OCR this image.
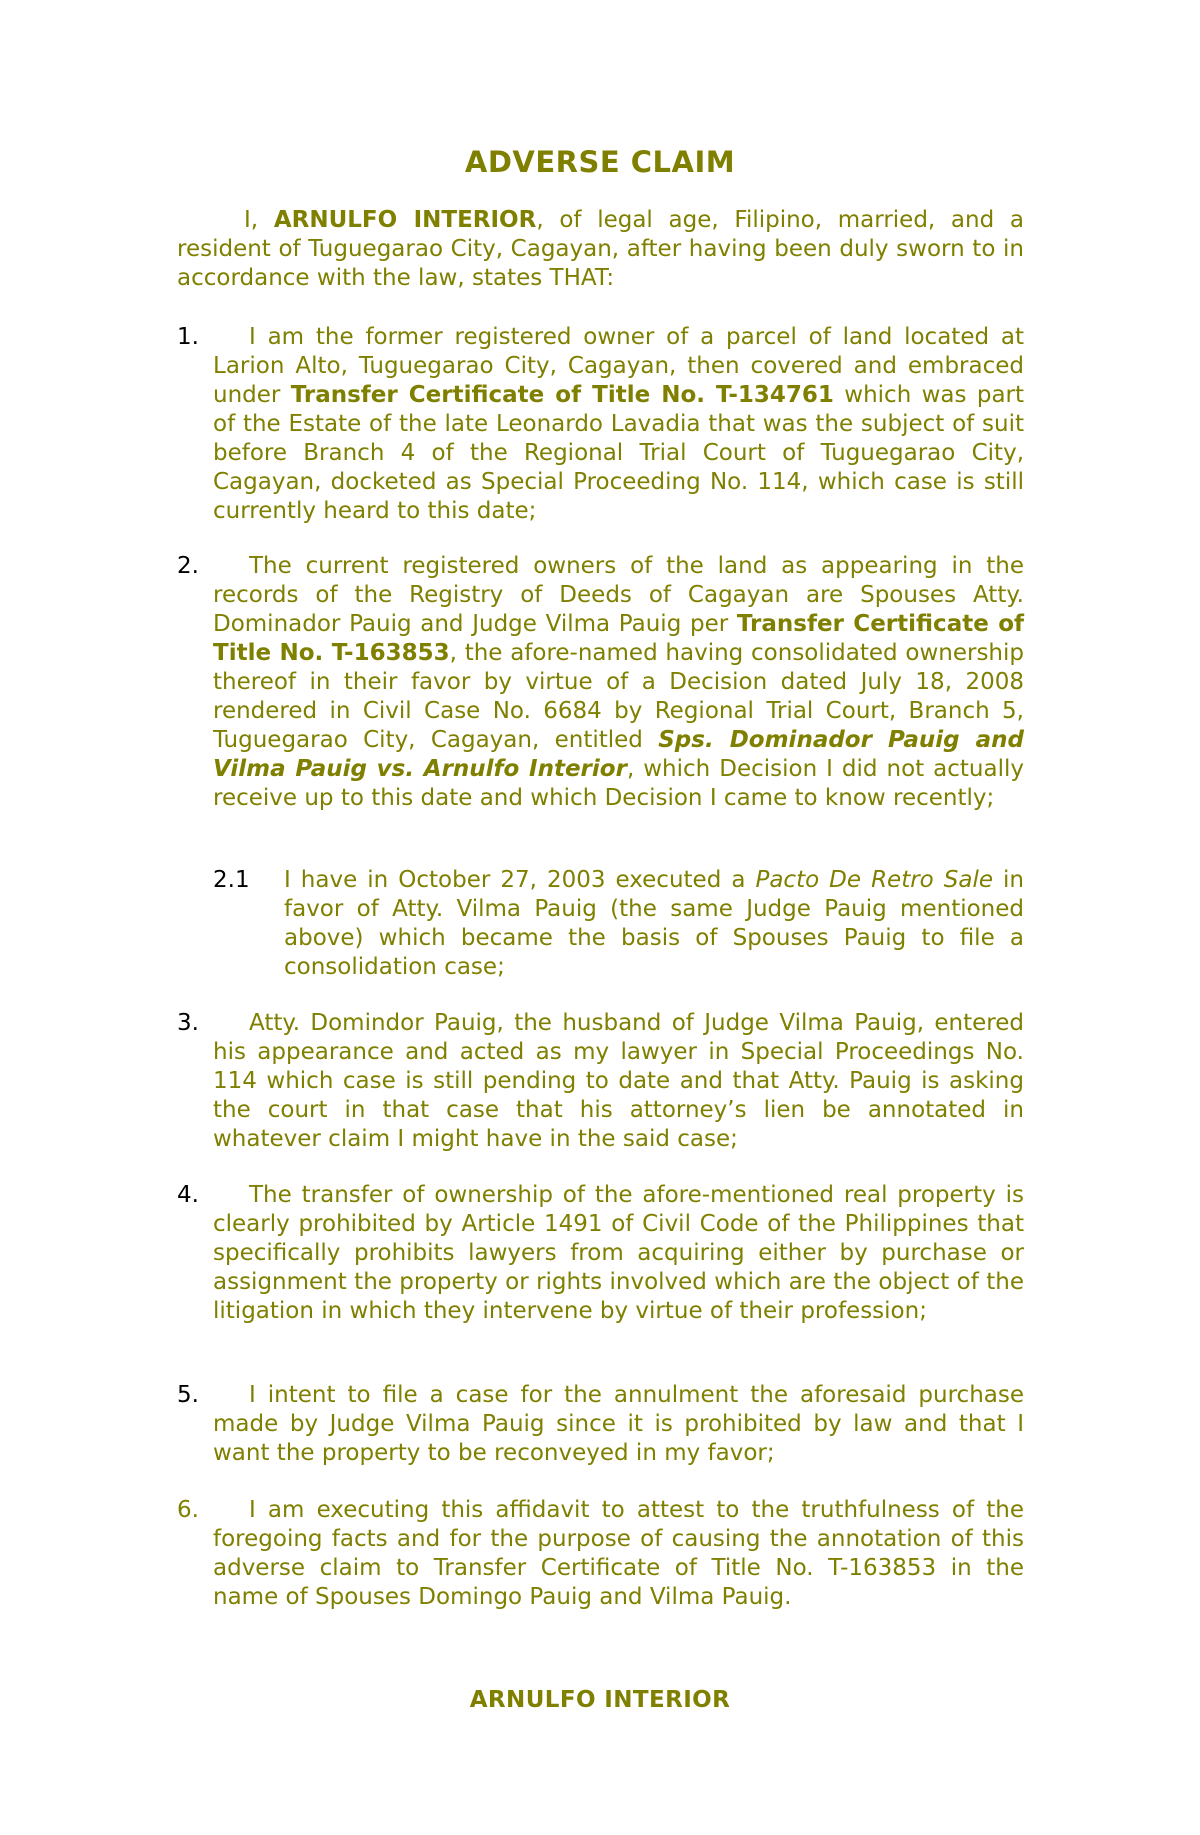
ADVERSE CLAIM
I, ARNULFO INTERIOR, of legal age, Filipino, married, and a resident of Tuguegarao City, Cagayan, after having been duly sworn to in accordance with the law, states THAT:
1.	I am the former registered owner of a parcel of land located at Larion Alto, Tuguegarao City, Cagayan, then covered and embraced under Transfer Certificate of Title No. T-134761 which was part of the Estate of the late Leonardo Lavadia that was the subject of suit before Branch 4 of the Regional Trial Court of Tuguegarao City, Cagayan, docketed as Special Proceeding No. 114, which case is still currently heard to this date;
2.	The current registered owners of the land as appearing in the records of the Registry of Deeds of Cagayan are Spouses Atty. Dominador Pauig and Judge Vilma Pauig per Transfer Certificate of Title No. T-163853, the afore-named having consolidated ownership thereof in their favor by virtue of a Decision dated July 18, 2008 rendered in Civil Case No. 6684 by Regional Trial Court, Branch 5, Tuguegarao City, Cagayan, entitled Sps. Dominador Pauig and Vilma Pauig vs. Arnulfo Interior, which Decision I did not actually receive up to this date and which Decision I came to know recently;
2.1 I have in October 27, 2003 executed a Pacto De Retro Sale in favor of Atty. Vilma Pauig (the same Judge Pauig mentioned above) which became the basis of Spouses Pauig to file a consolidation case;
3.	Atty. Domindor Pauig, the husband of Judge Vilma Pauig, entered his appearance and acted as my lawyer in Special Proceedings No. 114 which case is still pending to date and that Atty. Pauig is asking the court in that case that his attorney’s lien be annotated in whatever claim I might have in the said case;
4.	The transfer of ownership of the afore-mentioned real property is clearly prohibited by Article 1491 of Civil Code of the Philippines that specifically prohibits lawyers from acquiring either by purchase or assignment the property or rights involved which are the object of the litigation in which they intervene by virtue of their profession;
5.	I intent to file a case for the annulment the aforesaid purchase made by Judge Vilma Pauig since it is prohibited by law and that I want the property to be reconveyed in my favor;
6.	I am executing this affidavit to attest to the truthfulness of the foregoing facts and for the purpose of causing the annotation of this adverse claim to Transfer Certificate of Title No. T-163853 in the name of Spouses Domingo Pauig and Vilma Pauig.
ARNULFO INTERIOR
